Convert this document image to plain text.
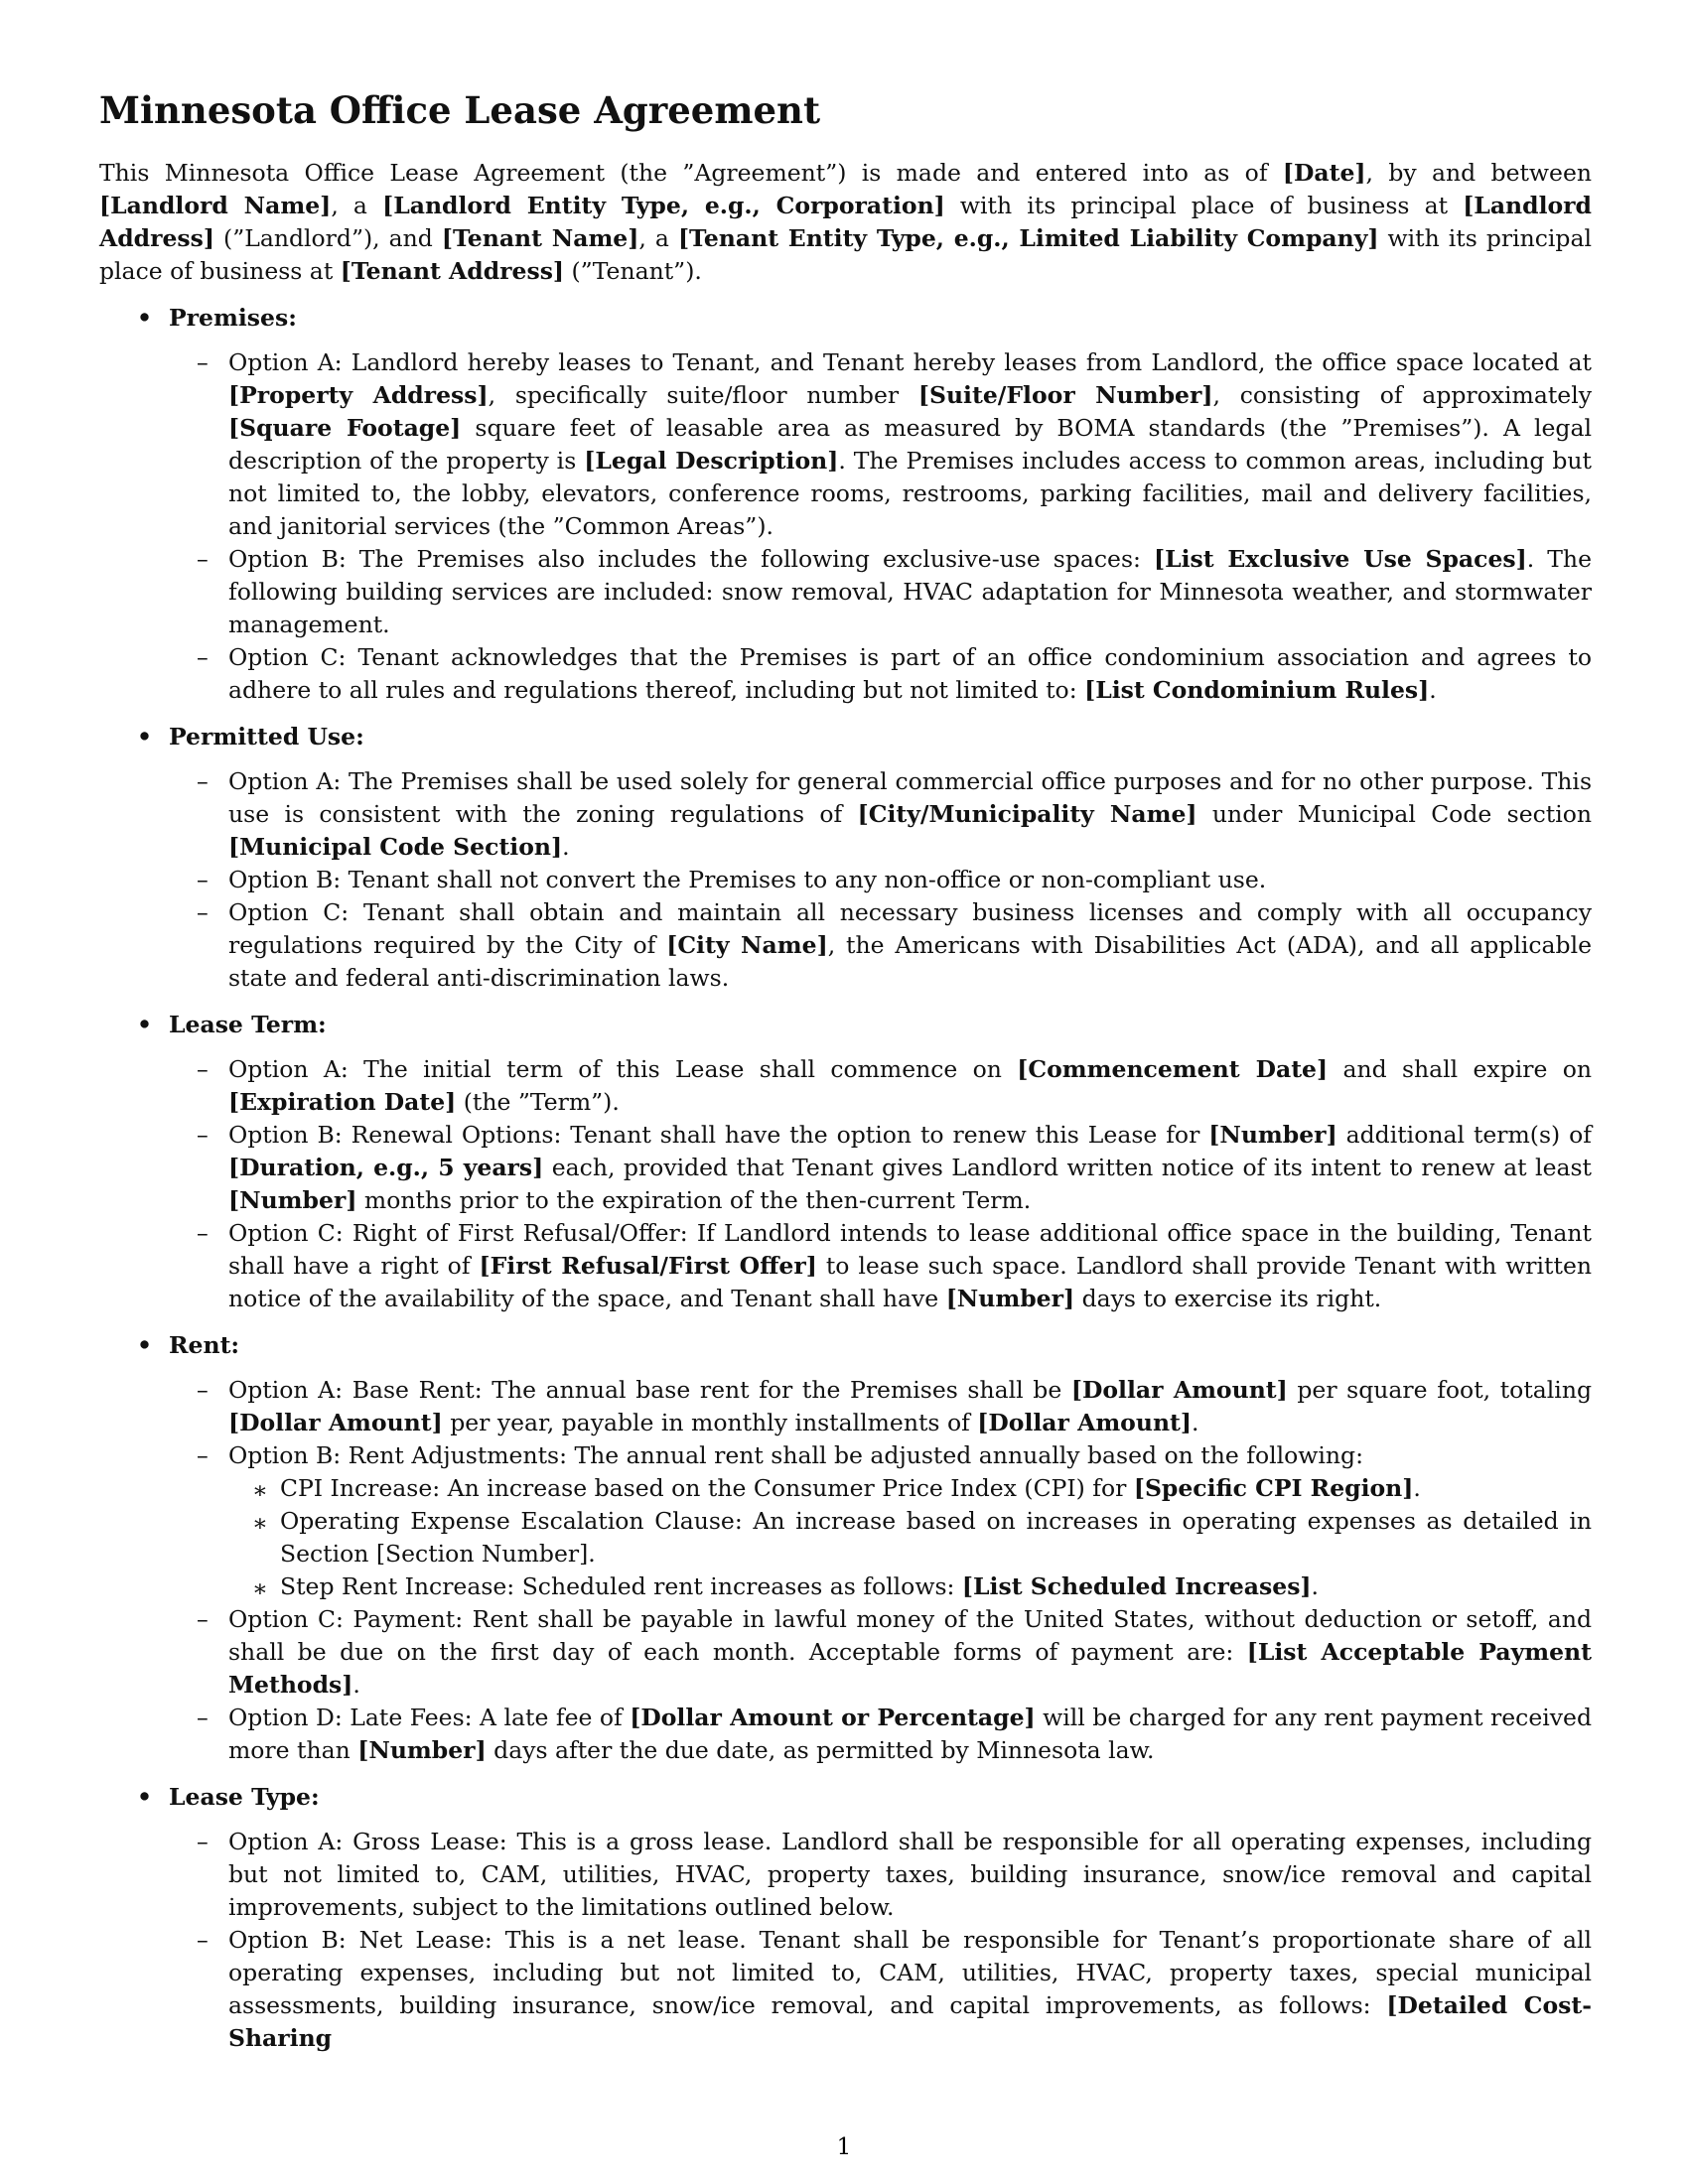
Minnesota Office Lease Agreement

This Minnesota Office Lease Agreement (the ”Agreement”) is made and entered into as of [Date], by and between [Landlord Name], a [Landlord Entity Type, e.g., Corporation] with its principal place of business at [Landlord Address] (”Landlord”), and [Tenant Name], a [Tenant Entity Type, e.g., Limited Liability Company] with its principal place of business at [Tenant Address] (”Tenant”).

• Premises:
– Option A: Landlord hereby leases to Tenant, and Tenant hereby leases from Landlord, the office space located at [Property Address], specifically suite/floor number [Suite/Floor Number], consisting of approximately [Square Footage] square feet of leasable area as measured by BOMA standards (the ”Premises”). A legal description of the property is [Legal Description]. The Premises includes access to common areas, including but not limited to, the lobby, elevators, conference rooms, restrooms, parking facilities, mail and delivery facilities, and janitorial services (the ”Common Areas”).
– Option B: The Premises also includes the following exclusive-use spaces: [List Exclusive Use Spaces]. The following building services are included: snow removal, HVAC adaptation for Minnesota weather, and stormwater management.
– Option C: Tenant acknowledges that the Premises is part of an office condominium association and agrees to adhere to all rules and regulations thereof, including but not limited to: [List Condominium Rules].
• Permitted Use:
– Option A: The Premises shall be used solely for general commercial office purposes and for no other purpose. This use is consistent with the zoning regulations of [City/Municipality Name] under Municipal Code section [Municipal Code Section].
– Option B: Tenant shall not convert the Premises to any non-office or non-compliant use.
– Option C: Tenant shall obtain and maintain all necessary business licenses and comply with all occupancy regulations required by the City of [City Name], the Americans with Disabilities Act (ADA), and all applicable state and federal anti-discrimination laws.
• Lease Term:
– Option A: The initial term of this Lease shall commence on [Commencement Date] and shall expire on [Expiration Date] (the ”Term”).
– Option B: Renewal Options: Tenant shall have the option to renew this Lease for [Number] additional term(s) of [Duration, e.g., 5 years] each, provided that Tenant gives Landlord written notice of its intent to renew at least [Number] months prior to the expiration of the then-current Term.
– Option C: Right of First Refusal/Offer: If Landlord intends to lease additional office space in the building, Tenant shall have a right of [First Refusal/First Offer] to lease such space. Landlord shall provide Tenant with written notice of the availability of the space, and Tenant shall have [Number] days to exercise its right.
• Rent:
– Option A: Base Rent: The annual base rent for the Premises shall be [Dollar Amount] per square foot, totaling [Dollar Amount] per year, payable in monthly installments of [Dollar Amount].
– Option B: Rent Adjustments: The annual rent shall be adjusted annually based on the following:
∗ CPI Increase: An increase based on the Consumer Price Index (CPI) for [Specific CPI Region].
∗ Operating Expense Escalation Clause: An increase based on increases in operating expenses as detailed in Section [Section Number].
∗ Step Rent Increase: Scheduled rent increases as follows: [List Scheduled Increases].
– Option C: Payment: Rent shall be payable in lawful money of the United States, without deduction or setoff, and shall be due on the first day of each month. Acceptable forms of payment are: [List Acceptable Payment Methods].
– Option D: Late Fees: A late fee of [Dollar Amount or Percentage] will be charged for any rent payment received more than [Number] days after the due date, as permitted by Minnesota law.
• Lease Type:
– Option A: Gross Lease: This is a gross lease. Landlord shall be responsible for all operating expenses, including but not limited to, CAM, utilities, HVAC, property taxes, building insurance, snow/ice removal and capital improvements, subject to the limitations outlined below.
– Option B: Net Lease: This is a net lease. Tenant shall be responsible for Tenant’s proportionate share of all operating expenses, including but not limited to, CAM, utilities, HVAC, property taxes, special municipal assessments, building insurance, snow/ice removal, and capital improvements, as follows: [Detailed Cost-Sharing
1
